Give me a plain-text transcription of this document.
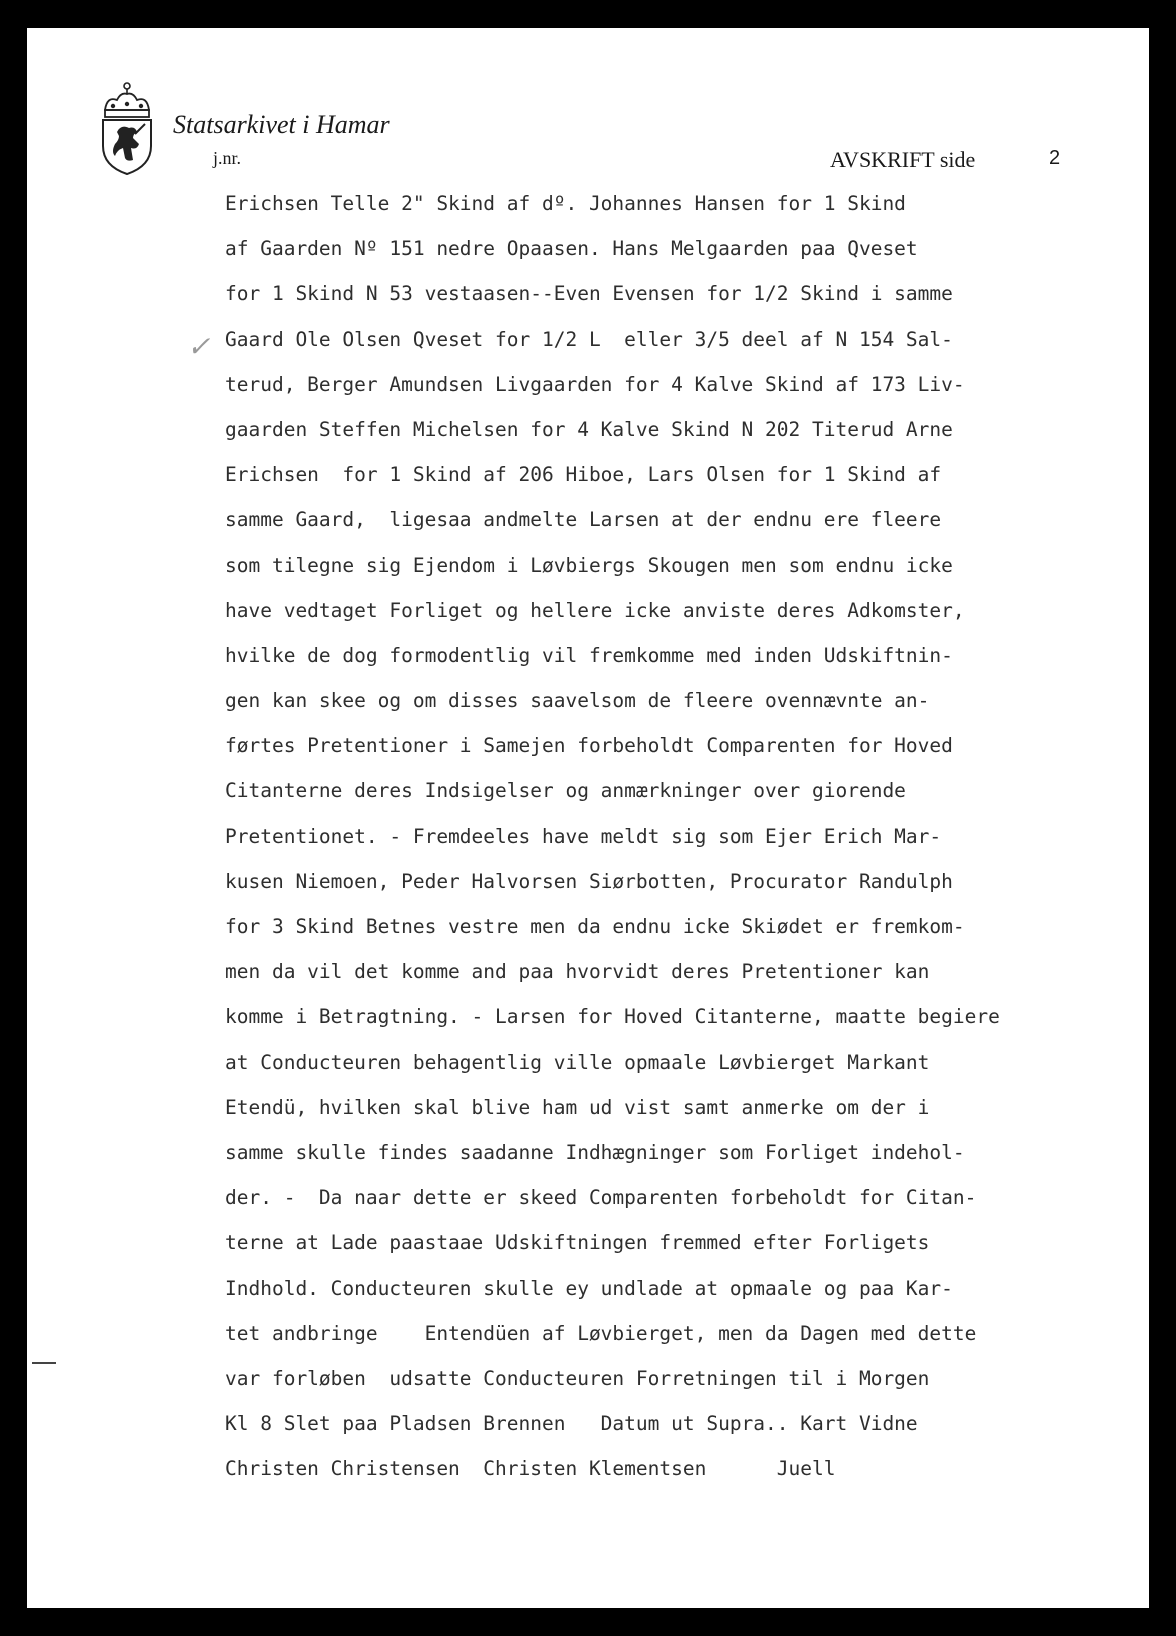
Statsarkivet i Hamar
j.nr.	AVSKRIFT side	2
✓
Erichsen Telle 2" Skind af dº. Johannes Hansen for 1 Skind
af Gaarden Nº 151 nedre Opaasen. Hans Melgaarden paa Qveset
for 1 Skind N 53 vestaasen--Even Evensen for 1/2 Skind i samme
Gaard Ole Olsen Qveset for 1/2 L  eller 3/5 deel af N 154 Sal-
terud, Berger Amundsen Livgaarden for 4 Kalve Skind af 173 Liv-
gaarden Steffen Michelsen for 4 Kalve Skind N 202 Titerud Arne
Erichsen  for 1 Skind af 206 Hiboe, Lars Olsen for 1 Skind af
samme Gaard,  ligesaa andmelte Larsen at der endnu ere fleere
som tilegne sig Ejendom i Løvbiergs Skougen men som endnu icke
have vedtaget Forliget og hellere icke anviste deres Adkomster,
hvilke de dog formodentlig vil fremkomme med inden Udskiftnin-
gen kan skee og om disses saavelsom de fleere ovennævnte an-
førtes Pretentioner i Samejen forbeholdt Comparenten for Hoved
Citanterne deres Indsigelser og anmærkninger over giorende
Pretentionet. - Fremdeeles have meldt sig som Ejer Erich Mar-
kusen Niemoen, Peder Halvorsen Siørbotten, Procurator Randulph
for 3 Skind Betnes vestre men da endnu icke Skiødet er fremkom-
men da vil det komme and paa hvorvidt deres Pretentioner kan
komme i Betragtning. - Larsen for Hoved Citanterne, maatte begiere
at Conducteuren behagentlig ville opmaale Løvbierget Markant
Etendü, hvilken skal blive ham ud vist samt anmerke om der i
samme skulle findes saadanne Indhægninger som Forliget indehol-
der. -  Da naar dette er skeed Comparenten forbeholdt for Citan-
terne at Lade paastaae Udskiftningen fremmed efter Forligets
Indhold. Conducteuren skulle ey undlade at opmaale og paa Kar-
tet andbringe    Entendüen af Løvbierget, men da Dagen med dette
var forløben  udsatte Conducteuren Forretningen til i Morgen
Kl 8 Slet paa Pladsen Brennen   Datum ut Supra.. Kart Vidne
Christen Christensen  Christen Klementsen      Juell
